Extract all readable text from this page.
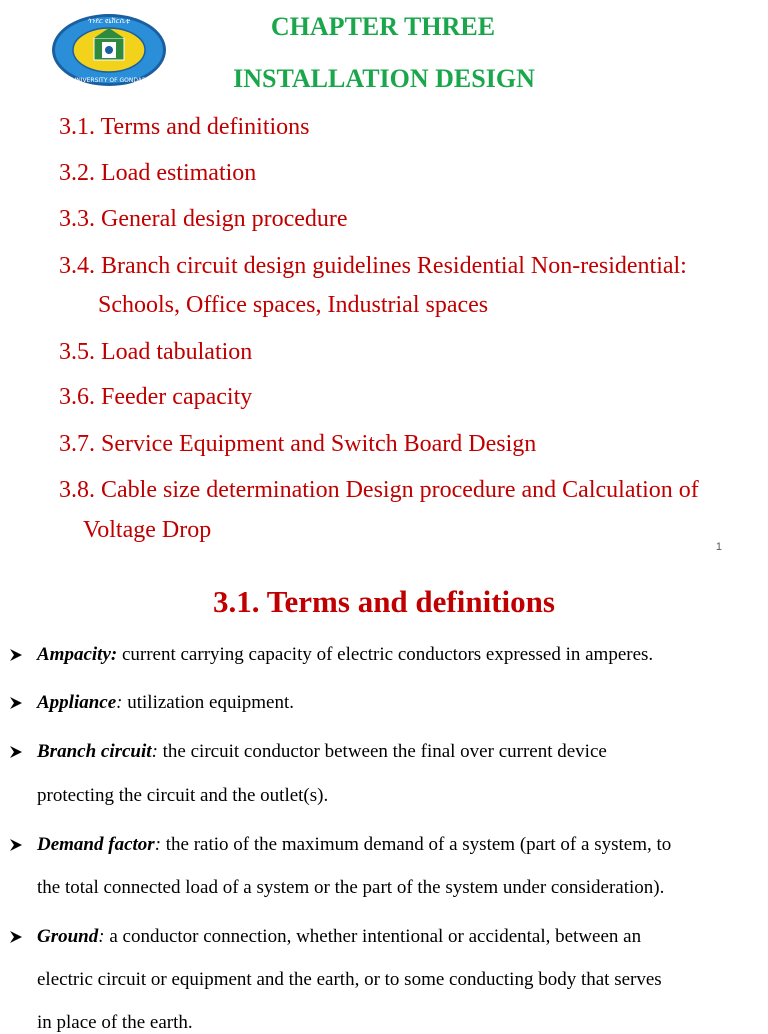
ጎንደር ዩኒቨርሲቲ
UNIVERSITY OF GONDAR
CHAPTER THREE
INSTALLATION DESIGN
3.1. Terms and definitions
3.2. Load estimation
3.3. General design procedure
3.4. Branch circuit design guidelines Residential Non-residential:
Schools, Office spaces, Industrial spaces
3.5. Load tabulation
3.6. Feeder capacity
3.7. Service Equipment and Switch Board Design
3.8. Cable size determination Design procedure and Calculation of
Voltage Drop
1
3.1. Terms and definitions
Ampacity: current carrying capacity of electric conductors expressed in amperes.
Appliance: utilization equipment.
Branch circuit: the circuit conductor between the final over current device
protecting the circuit and the outlet(s).
Demand factor: the ratio of the maximum demand of a system (part of a system, to
the total connected load of a system or the part of the system under consideration).
Ground: a conductor connection, whether intentional or accidental, between an
electric circuit or equipment and the earth, or to some conducting body that serves
in place of the earth.
